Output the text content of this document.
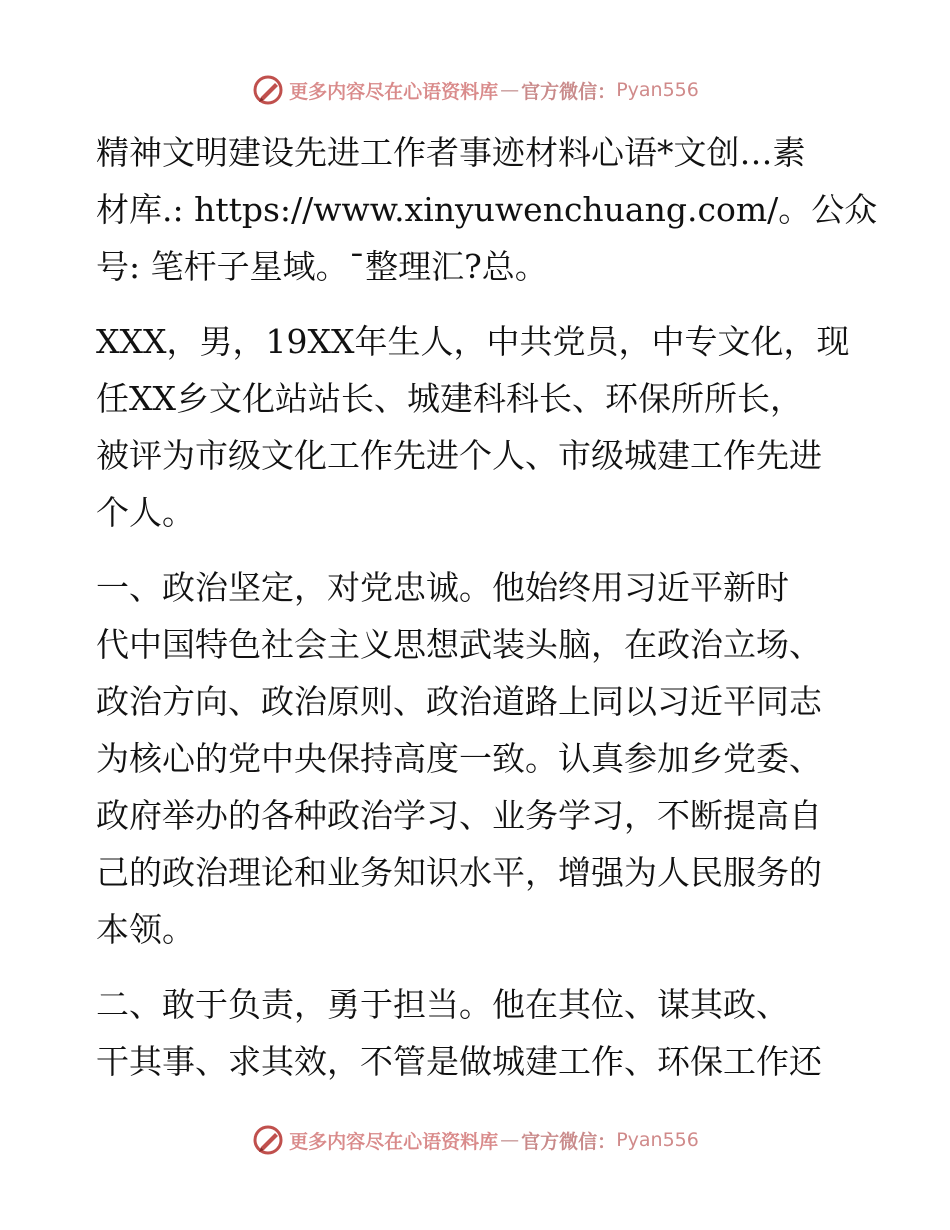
更多内容尽在心语资料库 — 官方微信： Pyan556
精神文明建设先进工作者事迹材料心语*文创…素
材库.: https://www.xinyuwenchuang.com/。公众
号: 笔杆子星域。¯整理汇?总。
XXX，男，19XX年生人，中共党员，中专文化，现
任XX乡文化站站长、城建科科长、环保所所长，
被评为市级文化工作先进个人、市级城建工作先进
个人。
一、政治坚定，对党忠诚。他始终用习近平新时
代中国特色社会主义思想武装头脑，在政治立场、
政治方向、政治原则、政治道路上同以习近平同志
为核心的党中央保持高度一致。认真参加乡党委、
政府举办的各种政治学习、业务学习，不断提高自
己的政治理论和业务知识水平，增强为人民服务的
本领。
二、敢于负责，勇于担当。他在其位、谋其政、
干其事、求其效，不管是做城建工作、环保工作还
更多内容尽在心语资料库 — 官方微信： Pyan556
